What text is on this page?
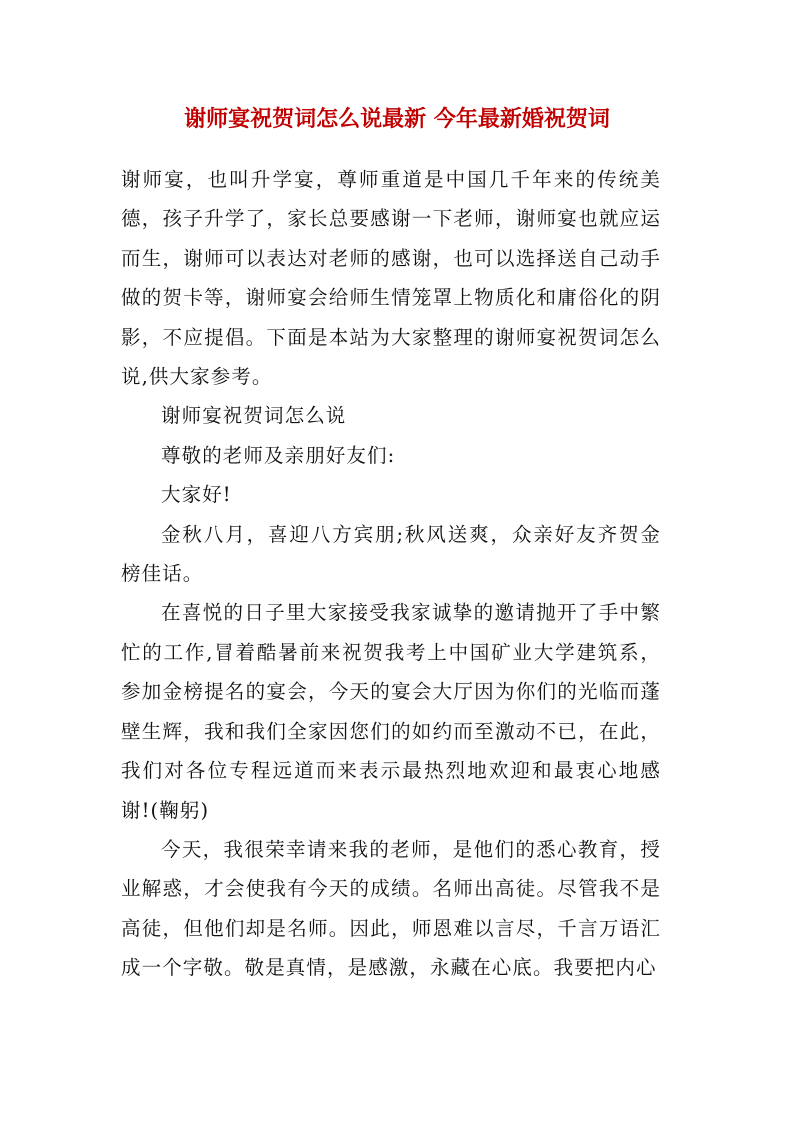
谢师宴祝贺词怎么说最新 今年最新婚祝贺词

谢师宴，也叫升学宴，尊师重道是中国几千年来的传统美德，孩子升学了，家长总要感谢一下老师，谢师宴也就应运而生，谢师可以表达对老师的感谢，也可以选择送自己动手做的贺卡等，谢师宴会给师生情笼罩上物质化和庸俗化的阴影，不应提倡。下面是本站为大家整理的谢师宴祝贺词怎么说,供大家参考。

谢师宴祝贺词怎么说

尊敬的老师及亲朋好友们:

大家好!

金秋八月，喜迎八方宾朋;秋风送爽，众亲好友齐贺金榜佳话。

在喜悦的日子里大家接受我家诚挚的邀请抛开了手中繁忙的工作,冒着酷暑前来祝贺我考上中国矿业大学建筑系，参加金榜提名的宴会，今天的宴会大厅因为你们的光临而蓬壁生辉，我和我们全家因您们的如约而至激动不已，在此，我们对各位专程远道而来表示最热烈地欢迎和最衷心地感谢!(鞠躬)

今天，我很荣幸请来我的老师，是他们的悉心教育，授业解惑，才会使我有今天的成绩。名师出高徒。尽管我不是高徒，但他们却是名师。因此，师恩难以言尽，千言万语汇成一个字敬。敬是真情，是感激，永藏在心底。我要把内心
